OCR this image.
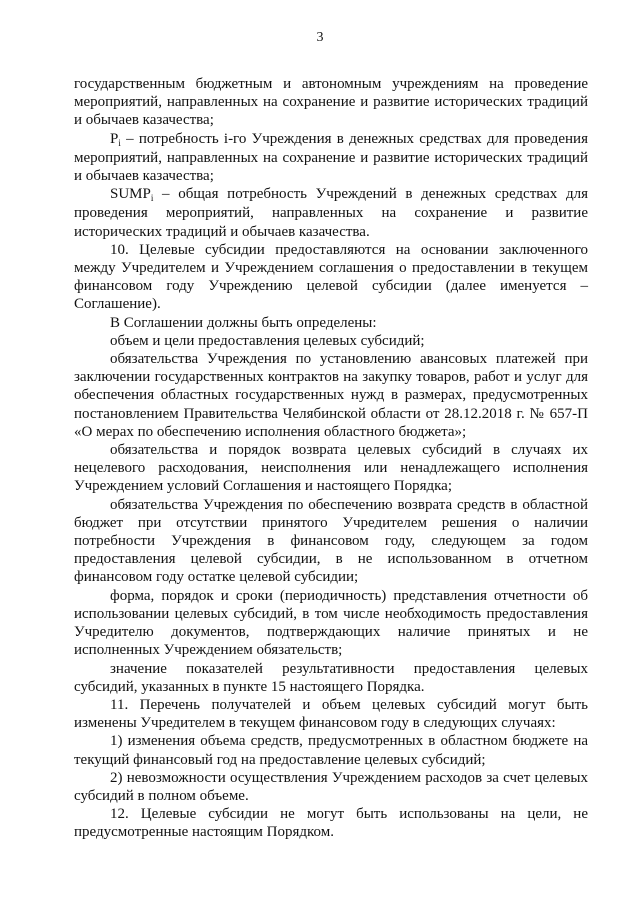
3

государственным бюджетным и автономным учреждениям на проведение мероприятий, направленных на сохранение и развитие исторических традиций и обычаев казачества;

$P_i$ – потребность i-го Учреждения в денежных средствах для проведения мероприятий, направленных на сохранение и развитие исторических традиций и обычаев казачества;

$SUMP_i$ – общая потребность Учреждений в денежных средствах для проведения мероприятий, направленных на сохранение и развитие исторических традиций и обычаев казачества.

10. Целевые субсидии предоставляются на основании заключенного между Учредителем и Учреждением соглашения о предоставлении в текущем финансовом году Учреждению целевой субсидии (далее именуется – Соглашение).

В Соглашении должны быть определены:

объем и цели предоставления целевых субсидий;

обязательства Учреждения по установлению авансовых платежей при заключении государственных контрактов на закупку товаров, работ и услуг для обеспечения областных государственных нужд в размерах, предусмотренных постановлением Правительства Челябинской области от 28.12.2018 г. № 657-П «О мерах по обеспечению исполнения областного бюджета»;

обязательства и порядок возврата целевых субсидий в случаях их нецелевого расходования, неисполнения или ненадлежащего исполнения Учреждением условий Соглашения и настоящего Порядка;

обязательства Учреждения по обеспечению возврата средств в областной бюджет при отсутствии принятого Учредителем решения о наличии потребности Учреждения в финансовом году, следующем за годом предоставления целевой субсидии, в не использованном в отчетном финансовом году остатке целевой субсидии;

форма, порядок и сроки (периодичность) представления отчетности об использовании целевых субсидий, в том числе необходимость предоставления Учредителю документов, подтверждающих наличие принятых и не исполненных Учреждением обязательств;

значение показателей результативности предоставления целевых субсидий, указанных в пункте 15 настоящего Порядка.

11. Перечень получателей и объем целевых субсидий могут быть изменены Учредителем в текущем финансовом году в следующих случаях:

1) изменения объема средств, предусмотренных в областном бюджете на текущий финансовый год на предоставление целевых субсидий;

2) невозможности осуществления Учреждением расходов за счет целевых субсидий в полном объеме.

12. Целевые субсидии не могут быть использованы на цели, не предусмотренные настоящим Порядком.
